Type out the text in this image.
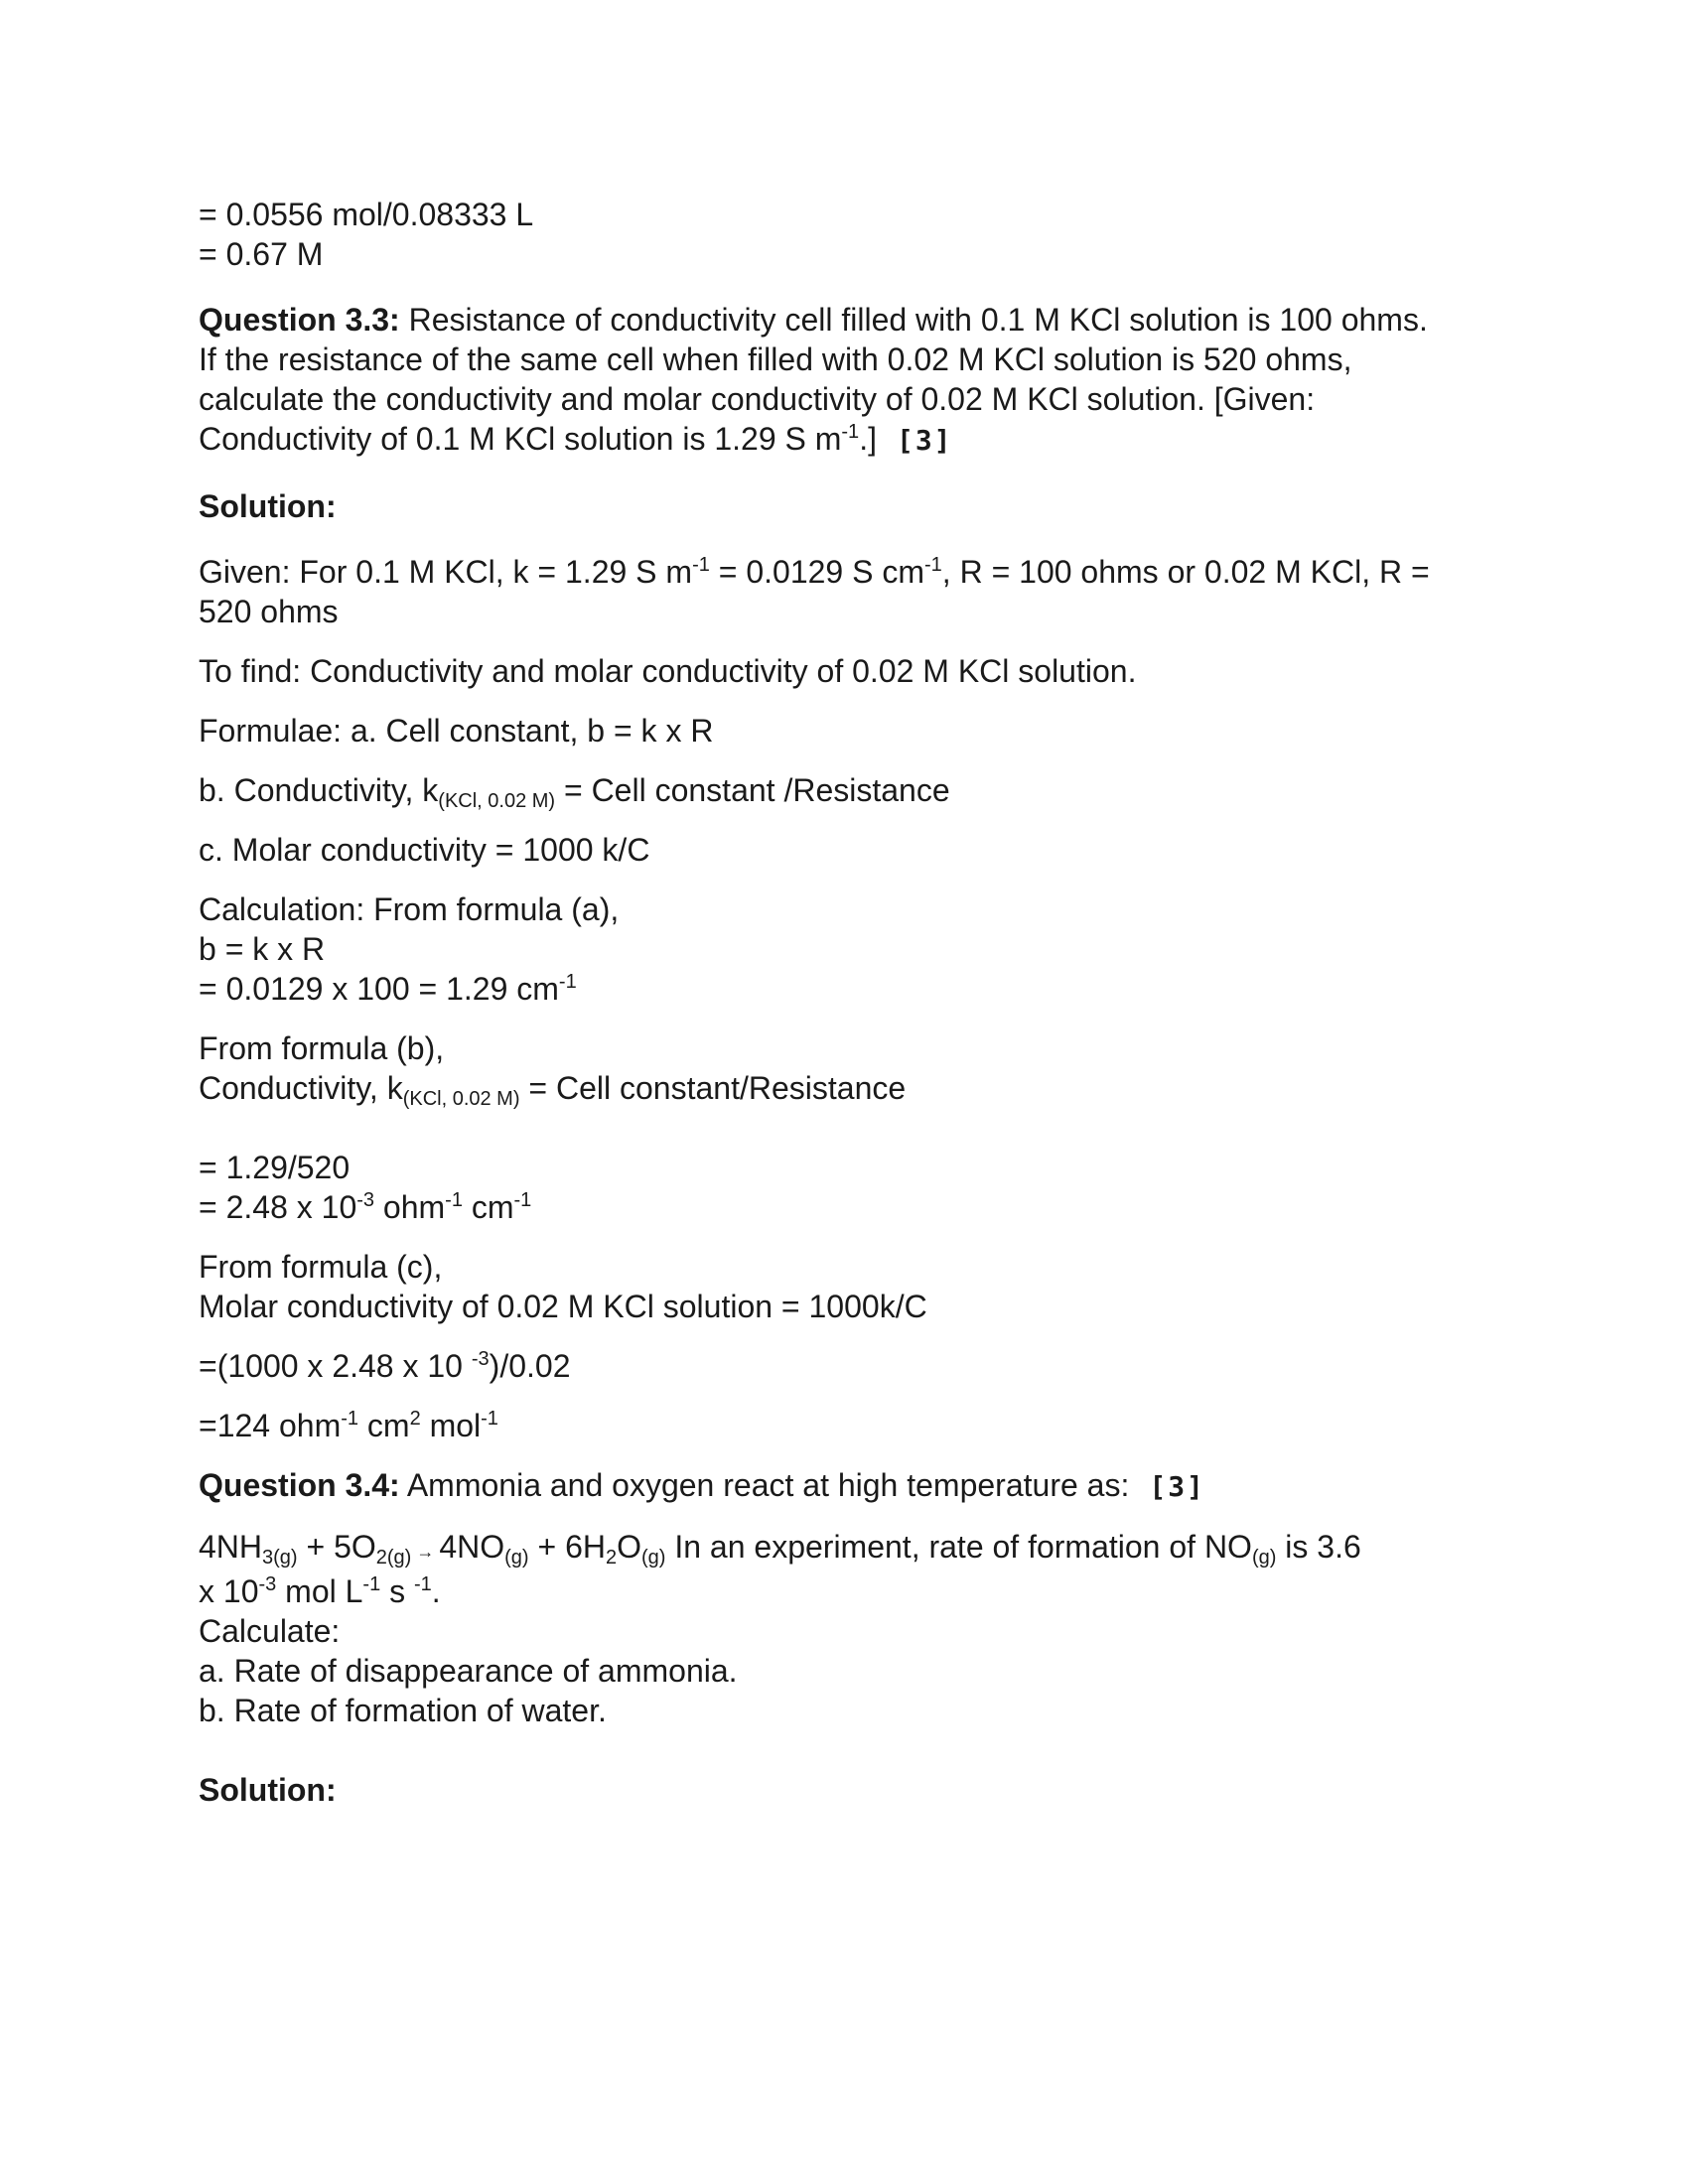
= 0.0556 mol/0.08333 L

= 0.67 M

Question 3.3: Resistance of conductivity cell filled with 0.1 M KCl solution is 100 ohms.

If the resistance of the same cell when filled with 0.02 M KCl solution is 520 ohms,

calculate the conductivity and molar conductivity of 0.02 M KCl solution. [Given:

Conductivity of 0.1 M KCl solution is 1.29 S $m^{-1}$.] [3]

Solution:

Given: For 0.1 M KCl, k = 1.29 S $m^{-1} = 0.0129$ S $cm^{-1}$, R = 100 ohms or 0.02 M KCl, R =

520 ohms

To find: Conductivity and molar conductivity of 0.02 M KCl solution.

Formulae: a. Cell constant, b = k x R

b. Conductivity, $k_{(KCl, 0.02 M)}$ = Cell constant /Resistance

c. Molar conductivity = 1000 k/C

Calculation: From formula (a),

b = k x R

= 0.0129 x 100 = 1.29 $cm^{-1}$

From formula (b),

Conductivity, $k_{(KCl, 0.02 M)}$ = Cell constant/Resistance

= 1.29/520

= 2.48 x $10^{-3}$ ohm$^{-1}$ $cm^{-1}$

From formula (c),

Molar conductivity of 0.02 M KCl solution = 1000k/C

=(1000 x 2.48 x 10 $^{-3}$)/0.02

=124 ohm$^{-1}$ $cm^2$ mol$^{-1}$

Question 3.4: Ammonia and oxygen react at high temperature as: [3]

$4NH_{3(g)} + 5O_{2(g)} \to 4NO_{(g)} + 6H_2O_{(g)}$ In an experiment, rate of formation of $NO_{(g)}$ is 3.6

x $10^{-3}$ mol $L^{-1}$ s $^{-1}$.

Calculate:

a. Rate of disappearance of ammonia.

b. Rate of formation of water.

Solution:
